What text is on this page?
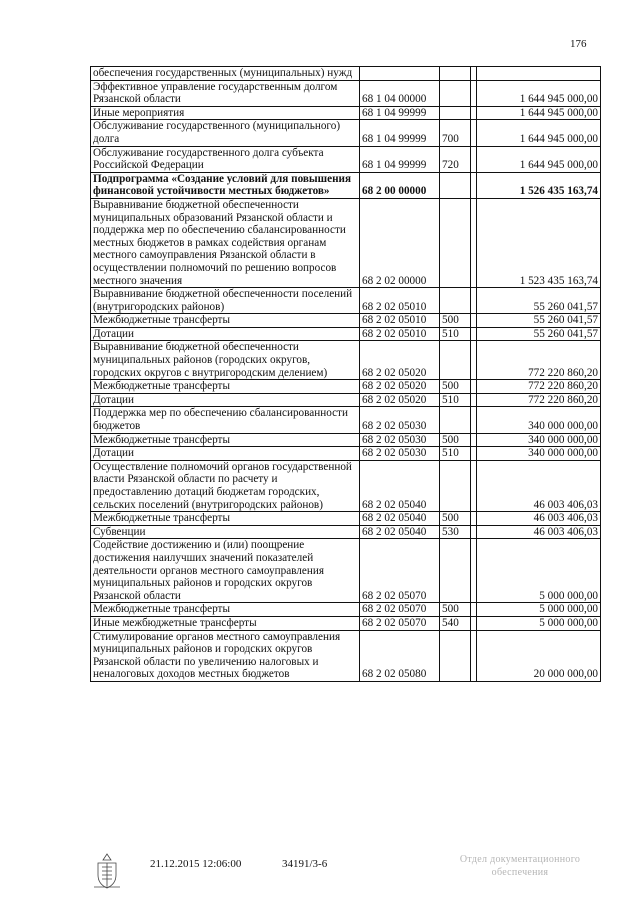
176
обеспечения государственных (муниципальных) нужд				
Эффективное управление государственным долгом Рязанской области	68 1 04 00000			1 644 945 000,00
Иные мероприятия	68 1 04 99999			1 644 945 000,00
Обслуживание государственного (муниципального) долга	68 1 04 99999	700		1 644 945 000,00
Обслуживание государственного долга субъекта Российской Федерации	68 1 04 99999	720		1 644 945 000,00
Подпрограмма «Создание условий для повышения финансовой устойчивости местных бюджетов»	68 2 00 00000			1 526 435 163,74
Выравнивание бюджетной обеспеченности муниципальных образований Рязанской области и поддержка мер по обеспечению сбалансированности местных бюджетов в рамках содействия органам местного самоуправления Рязанской области в осуществлении полномочий по решению вопросов местного значения	68 2 02 00000			1 523 435 163,74
Выравнивание бюджетной обеспеченности поселений (внутригородских районов)	68 2 02 05010			55 260 041,57
Межбюджетные трансферты	68 2 02 05010	500		55 260 041,57
Дотации	68 2 02 05010	510		55 260 041,57
Выравнивание бюджетной обеспеченности муниципальных районов (городских округов, городских округов с внутригородским делением)	68 2 02 05020			772 220 860,20
Межбюджетные трансферты	68 2 02 05020	500		772 220 860,20
Дотации	68 2 02 05020	510		772 220 860,20
Поддержка мер по обеспечению сбалансированности бюджетов	68 2 02 05030			340 000 000,00
Межбюджетные трансферты	68 2 02 05030	500		340 000 000,00
Дотации	68 2 02 05030	510		340 000 000,00
Осуществление полномочий органов государственной власти Рязанской области по расчету и предоставлению дотаций бюджетам городских, сельских поселений (внутригородских районов)	68 2 02 05040			46 003 406,03
Межбюджетные трансферты	68 2 02 05040	500		46 003 406,03
Субвенции	68 2 02 05040	530		46 003 406,03
Содействие достижению и (или) поощрение достижения наилучших значений показателей деятельности органов местного самоуправления муниципальных районов и городских округов Рязанской области	68 2 02 05070			5 000 000,00
Межбюджетные трансферты	68 2 02 05070	500		5 000 000,00
Иные межбюджетные трансферты	68 2 02 05070	540		5 000 000,00
Стимулирование органов местного самоуправления муниципальных районов и городских округов Рязанской области по увеличению налоговых и неналоговых доходов местных бюджетов	68 2 02 05080			20 000 000,00
21.12.2015 12:06:00	34191/3-6	Отдел документационного
обеспечения
